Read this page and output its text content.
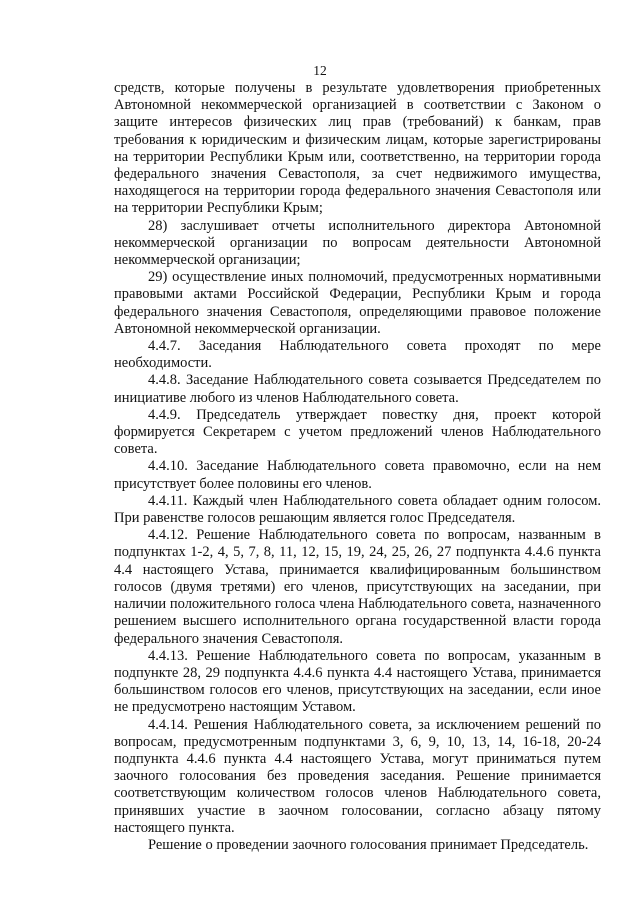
12

средств, которые получены в результате удовлетворения приобретенных Автономной некоммерческой организацией в соответствии с Законом о защите интересов физических лиц прав (требований) к банкам, прав требования к юридическим и физическим лицам, которые зарегистрированы на территории Республики Крым или, соответственно, на территории города федерального значения Севастополя, за счет недвижимого имущества, находящегося на территории города федерального значения Севастополя или на территории Республики Крым;

28) заслушивает отчеты исполнительного директора Автономной некоммерческой организации по вопросам деятельности Автономной некоммерческой организации;

29) осуществление иных полномочий, предусмотренных нормативными правовыми актами Российской Федерации, Республики Крым и города федерального значения Севастополя, определяющими правовое положение Автономной некоммерческой организации.

4.4.7. Заседания Наблюдательного совета проходят по мере необходимости.

4.4.8. Заседание Наблюдательного совета созывается Председателем по инициативе любого из членов Наблюдательного совета.

4.4.9. Председатель утверждает повестку дня, проект которой формируется Секретарем с учетом предложений членов Наблюдательного совета.

4.4.10. Заседание Наблюдательного совета правомочно, если на нем присутствует более половины его членов.

4.4.11. Каждый член Наблюдательного совета обладает одним голосом. При равенстве голосов решающим является голос Председателя.

4.4.12. Решение Наблюдательного совета по вопросам, названным в подпунктах 1-2, 4, 5, 7, 8, 11, 12, 15, 19, 24, 25, 26, 27 подпункта 4.4.6 пункта 4.4 настоящего Устава, принимается квалифицированным большинством голосов (двумя третями) его членов, присутствующих на заседании, при наличии положительного голоса члена Наблюдательного совета, назначенного решением высшего исполнительного органа государственной власти города федерального значения Севастополя.

4.4.13. Решение Наблюдательного совета по вопросам, указанным в подпункте 28, 29 подпункта 4.4.6 пункта 4.4 настоящего Устава, принимается большинством голосов его членов, присутствующих на заседании, если иное не предусмотрено настоящим Уставом.

4.4.14. Решения Наблюдательного совета, за исключением решений по вопросам, предусмотренным подпунктами 3, 6, 9, 10, 13, 14, 16-18, 20-24 подпункта 4.4.6 пункта 4.4 настоящего Устава, могут приниматься путем заочного голосования без проведения заседания. Решение принимается соответствующим количеством голосов членов Наблюдательного совета, принявших участие в заочном голосовании, согласно абзацу пятому настоящего пункта.

Решение о проведении заочного голосования принимает Председатель.
